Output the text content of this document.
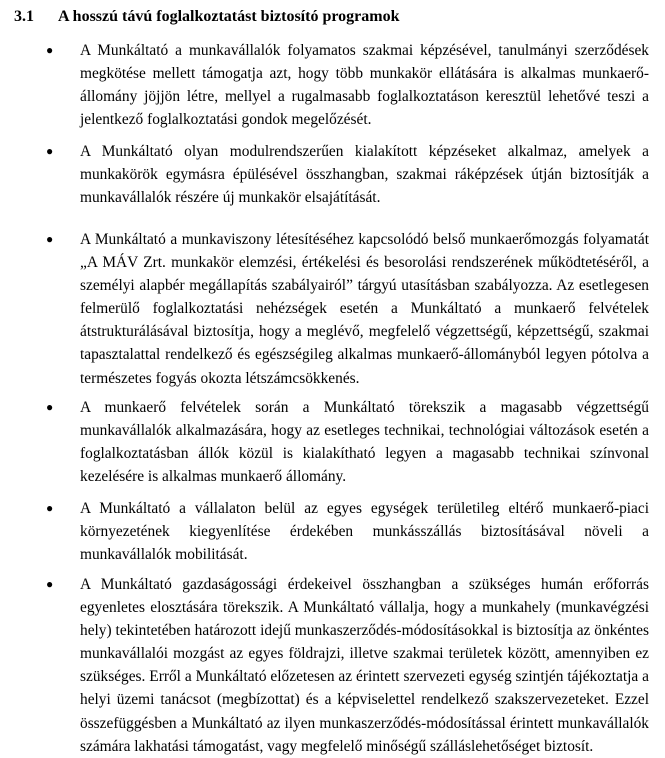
3.1 A hosszú távú foglalkoztatást biztosító programok
● A Munkáltató a munkavállalók folyamatos szakmai képzésével, tanulmányi szerződések megkötése mellett támogatja azt, hogy több munkakör ellátására is alkalmas munkaerő-állomány jöjjön létre, mellyel a rugalmasabb foglalkoztatáson keresztül lehetővé teszi a jelentkező foglalkoztatási gondok megelőzését.
● A Munkáltató olyan modulrendszerűen kialakított képzéseket alkalmaz, amelyek a munkakörök egymásra épülésével összhangban, szakmai ráképzések útján biztosítják a munkavállalók részére új munkakör elsajátítását.
● A Munkáltató a munkaviszony létesítéséhez kapcsolódó belső munkaerőmozgás folyamatát „A MÁV Zrt. munkakör elemzési, értékelési és besorolási rendszerének működtetéséről, a személyi alapbér megállapítás szabályairól” tárgyú utasításban szabályozza. Az esetlegesen felmerülő foglalkoztatási nehézségek esetén a Munkáltató a munkaerő felvételek átstrukturálásával biztosítja, hogy a meglévő, megfelelő végzettségű, képzettségű, szakmai tapasztalattal rendelkező és egészségileg alkalmas munkaerő-állományból legyen pótolva a természetes fogyás okozta létszámcsökkenés.
● A munkaerő felvételek során a Munkáltató törekszik a magasabb végzettségű munkavállalók alkalmazására, hogy az esetleges technikai, technológiai változások esetén a foglalkoztatásban állók közül is kialakítható legyen a magasabb technikai színvonal kezelésére is alkalmas munkaerő állomány.
● A Munkáltató a vállalaton belül az egyes egységek területileg eltérő munkaerő-piaci környezetének kiegyenlítése érdekében munkásszállás biztosításával növeli a munkavállalók mobilitását.
● A Munkáltató gazdaságossági érdekeivel összhangban a szükséges humán erőforrás egyenletes elosztására törekszik. A Munkáltató vállalja, hogy a munkahely (munkavégzési hely) tekintetében határozott idejű munkaszerződés-módosításokkal is biztosítja az önkéntes munkavállalói mozgást az egyes földrajzi, illetve szakmai területek között, amennyiben ez szükséges. Erről a Munkáltató előzetesen az érintett szervezeti egység szintjén tájékoztatja a helyi üzemi tanácsot (megbízottat) és a képviselettel rendelkező szakszervezeteket. Ezzel összefüggésben a Munkáltató az ilyen munkaszerződés-módosítással érintett munkavállalók számára lakhatási támogatást, vagy megfelelő minőségű szálláslehetőséget biztosít.
